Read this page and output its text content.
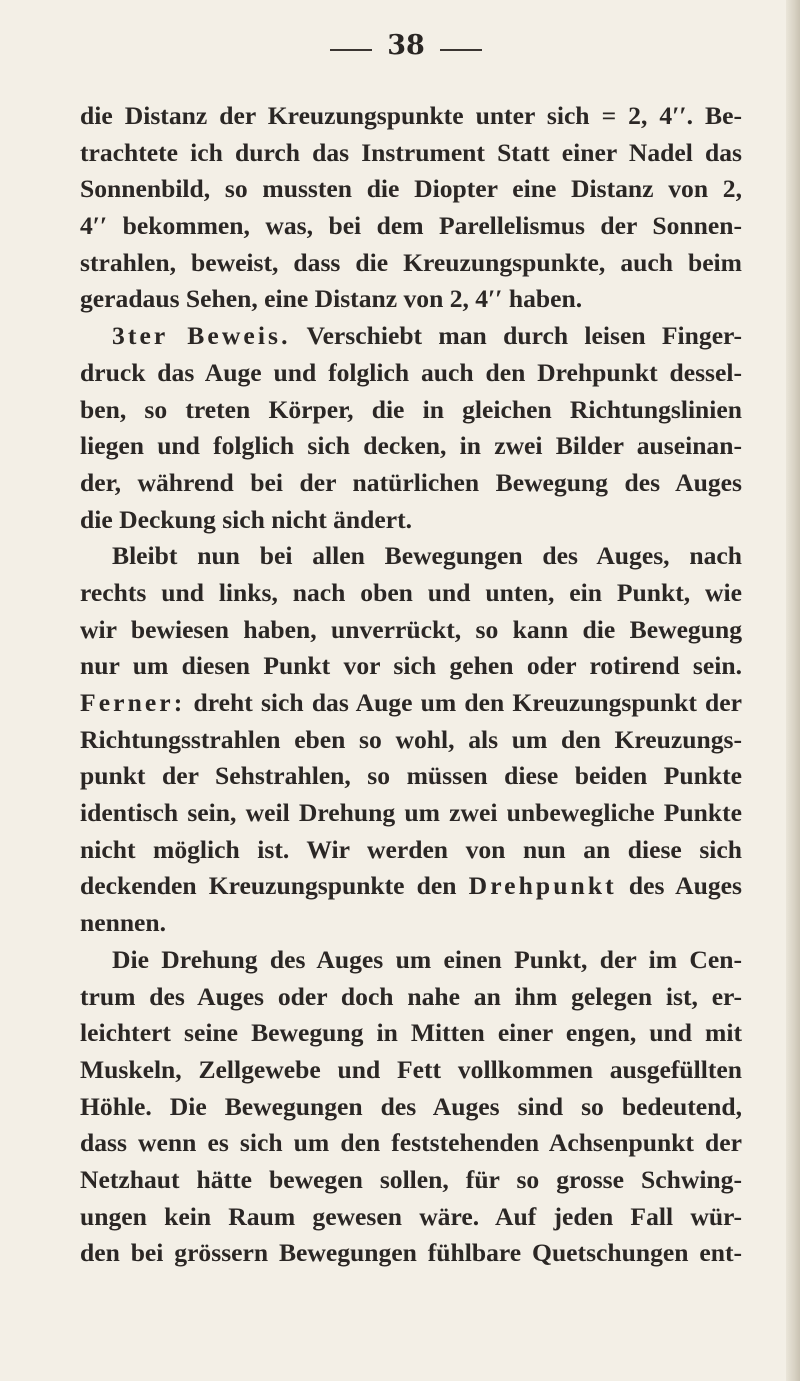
38
die Distanz der Kreuzungspunkte unter sich = 2, 4′′. Be-
trachtete ich durch das Instrument Statt einer Nadel das
Sonnenbild, so mussten die Diopter eine Distanz von 2,
4′′ bekommen, was, bei dem Parellelismus der Sonnen-
strahlen, beweist, dass die Kreuzungspunkte, auch beim
geradaus Sehen, eine Distanz von 2, 4′′ haben.
3ter Beweis. Verschiebt man durch leisen Finger-
druck das Auge und folglich auch den Drehpunkt dessel-
ben, so treten Körper, die in gleichen Richtungslinien
liegen und folglich sich decken, in zwei Bilder auseinan-
der, während bei der natürlichen Bewegung des Auges
die Deckung sich nicht ändert.
Bleibt nun bei allen Bewegungen des Auges, nach
rechts und links, nach oben und unten, ein Punkt, wie
wir bewiesen haben, unverrückt, so kann die Bewegung
nur um diesen Punkt vor sich gehen oder rotirend sein.
Ferner: dreht sich das Auge um den Kreuzungspunkt der
Richtungsstrahlen eben so wohl, als um den Kreuzungs-
punkt der Sehstrahlen, so müssen diese beiden Punkte
identisch sein, weil Drehung um zwei unbewegliche Punkte
nicht möglich ist. Wir werden von nun an diese sich
deckenden Kreuzungspunkte den Drehpunkt des Auges
nennen.
Die Drehung des Auges um einen Punkt, der im Cen-
trum des Auges oder doch nahe an ihm gelegen ist, er-
leichtert seine Bewegung in Mitten einer engen, und mit
Muskeln, Zellgewebe und Fett vollkommen ausgefüllten
Höhle. Die Bewegungen des Auges sind so bedeutend,
dass wenn es sich um den feststehenden Achsenpunkt der
Netzhaut hätte bewegen sollen, für so grosse Schwing-
ungen kein Raum gewesen wäre. Auf jeden Fall wür-
den bei grössern Bewegungen fühlbare Quetschungen ent-
